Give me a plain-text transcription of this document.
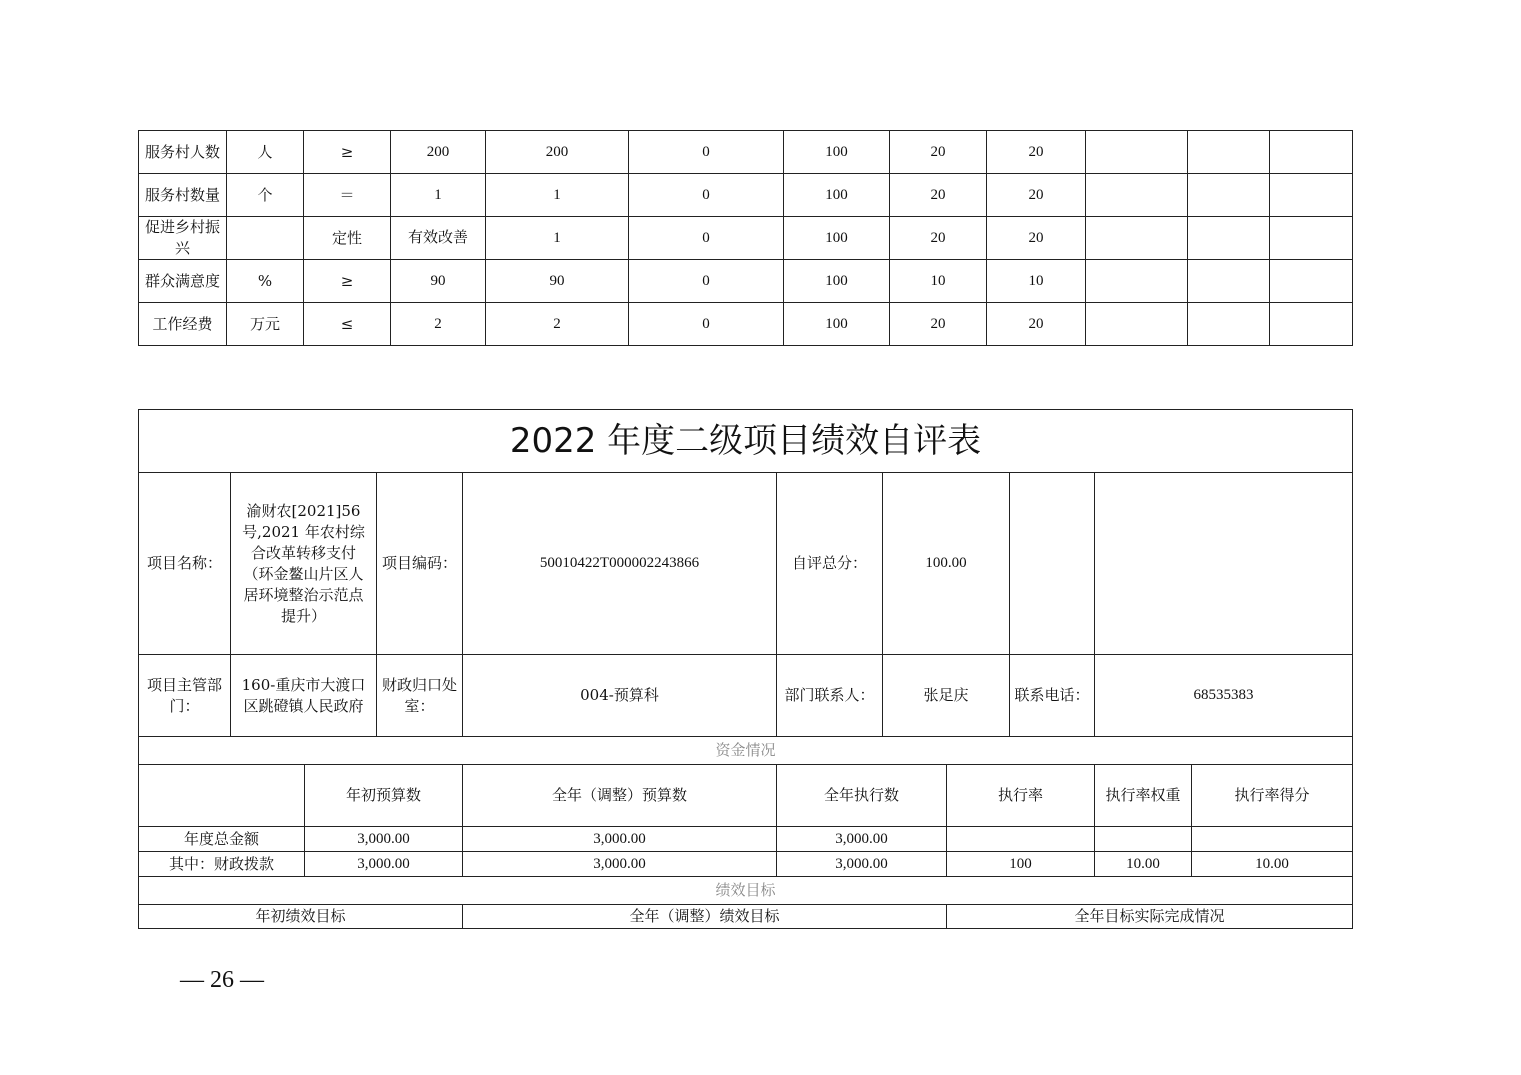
服务村人数	人	≥	200	200	0	100	20	20			
服务村数量	个	＝	1	1	0	100	20	20			
促进乡村振兴		定性	有效改善	1	0	100	20	20			
群众满意度	%	≥	90	90	0	100	10	10			
工作经费	万元	≤	2	2	0	100	20	20			
2022 年度二级项目绩效自评表										
项目名称：	渝财农[2021]56号,2021 年农村综合改革转移支付（环金鳌山片区人居环境整治示范点提升）		项目编码：	50010422T000002243866	自评总分：	100.00				
项目主管部门：	160-重庆市大渡口区跳磴镇人民政府		财政归口处室：	004-预算科	部门联系人：	张足庆		联系电话：	68535383	
资金情况										
		年初预算数		全年（调整）预算数	全年执行数		执行率		执行率权重	执行率得分
年度总金额		3,000.00		3,000.00	3,000.00					
其中：财政拨款		3,000.00		3,000.00	3,000.00		100		10.00	10.00
绩效目标										
年初绩效目标				全年（调整）绩效目标			全年目标实际完成情况			
— 26 —
